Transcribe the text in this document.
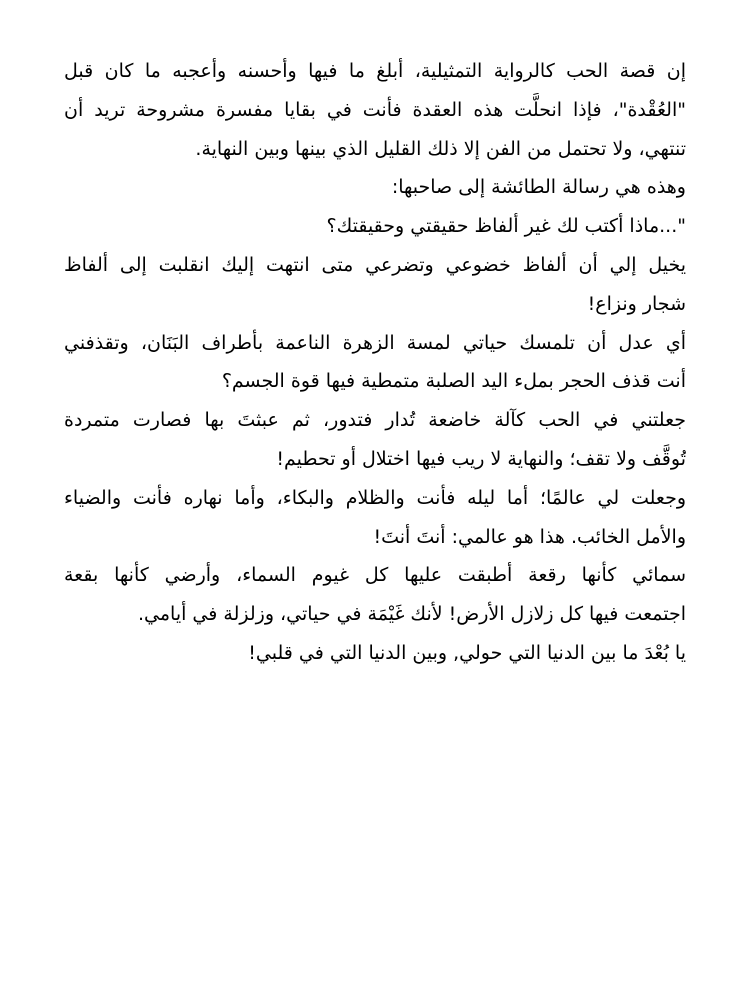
إن قصة الحب كالرواية التمثيلية، أبلغ ما فيها وأحسنه وأعجبه ما كان قبل
"العُقْدة"، فإذا انحلَّت هذه العقدة فأنت في بقايا مفسرة مشروحة تريد أن
تنتهي، ولا تحتمل من الفن إلا ذلك القليل الذي بينها وبين النهاية.
وهذه هي رسالة الطائشة إلى صاحبها:
"...ماذا أكتب لك غير ألفاظ حقيقتي وحقيقتك؟
يخيل إلي أن ألفاظ خضوعي وتضرعي متى انتهت إليك انقلبت إلى ألفاظ
شجار ونزاع!
أي عدل أن تلمسك حياتي لمسة الزهرة الناعمة بأطراف البَنَان، وتقذفني
أنت قذف الحجر بملء اليد الصلبة متمطية فيها قوة الجسم؟
جعلتني في الحب كآلة خاضعة تُدار فتدور، ثم عبثتَ بها فصارت متمردة
تُوقَّف ولا تقف؛ والنهاية لا ريب فيها اختلال أو تحطيم!
وجعلت لي عالمًا؛ أما ليله فأنت والظلام والبكاء، وأما نهاره فأنت والضياء
والأمل الخائب. هذا هو عالمي: أنتَ أنتَ!
سمائي كأنها رقعة أطبقت عليها كل غيوم السماء، وأرضي كأنها بقعة
اجتمعت فيها كل زلازل الأرض! لأنك غَيْمَة في حياتي، وزلزلة في أيامي.
يا بُعْدَ ما بين الدنيا التي حولي, وبين الدنيا التي في قلبي!
